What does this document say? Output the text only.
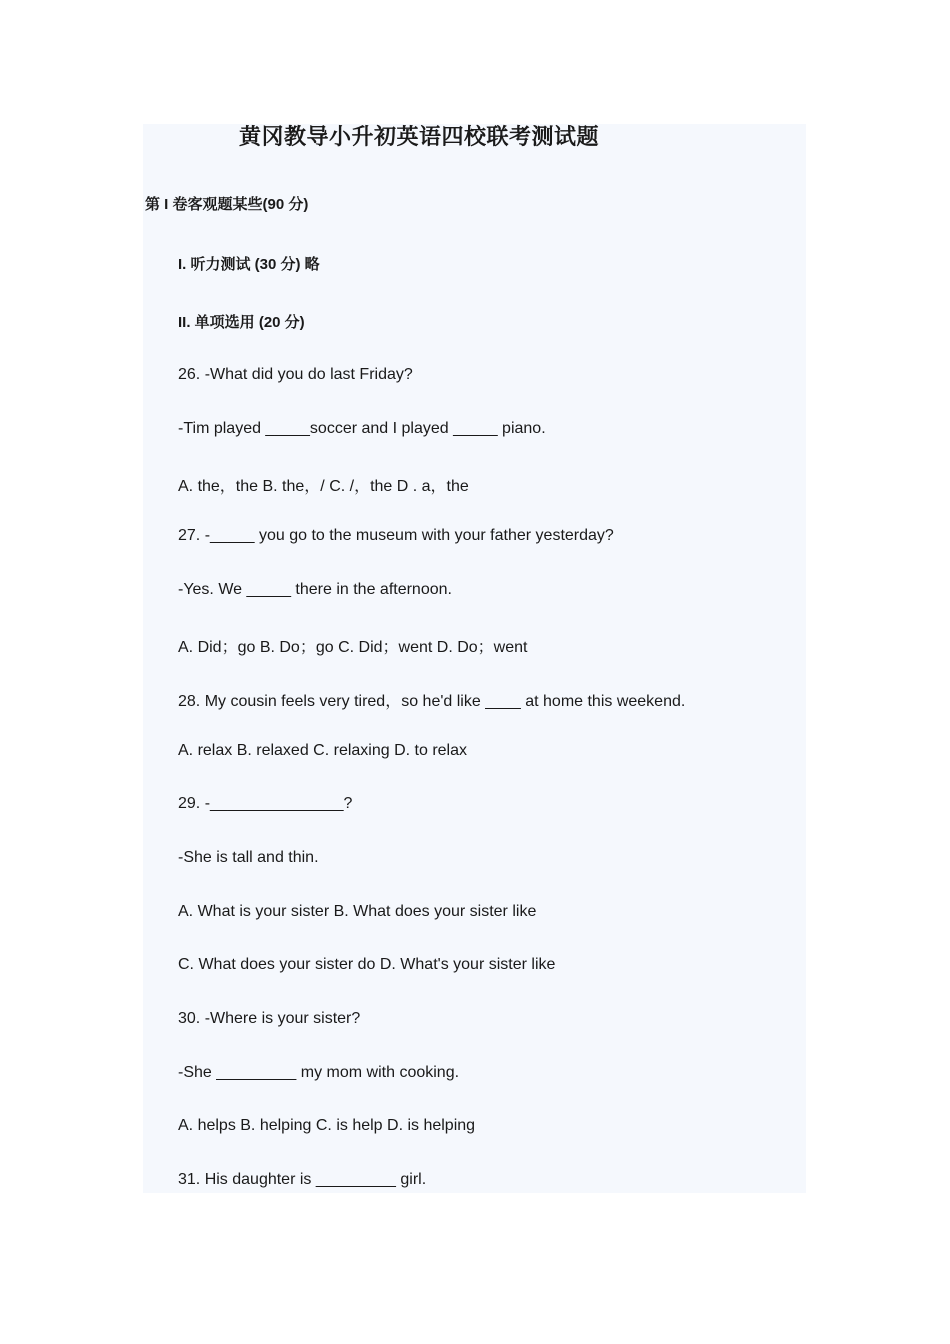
黄冈教导小升初英语四校联考测试题
第 I 卷客观题某些(90 分)
I. 听力测试 (30 分) 略
II. 单项选用 (20 分)
26. -What did you do last Friday?
-Tim played _____soccer and I played _____ piano.
A. the，the B. the，/ C. /，the D . a，the
27. -_____ you go to the museum with your father yesterday?
-Yes. We _____ there in the afternoon.
A. Did；go B. Do；go C. Did；went D. Do；went
28. My cousin feels very tired，so he'd like ____ at home this weekend.
A. relax B. relaxed C. relaxing D. to relax
29. -_______________?
-She is tall and thin.
A. What is your sister B. What does your sister like
C. What does your sister do D. What's your sister like
30. -Where is your sister?
-She _________ my mom with cooking.
A. helps B. helping C. is help D. is helping
31. His daughter is _________ girl.
